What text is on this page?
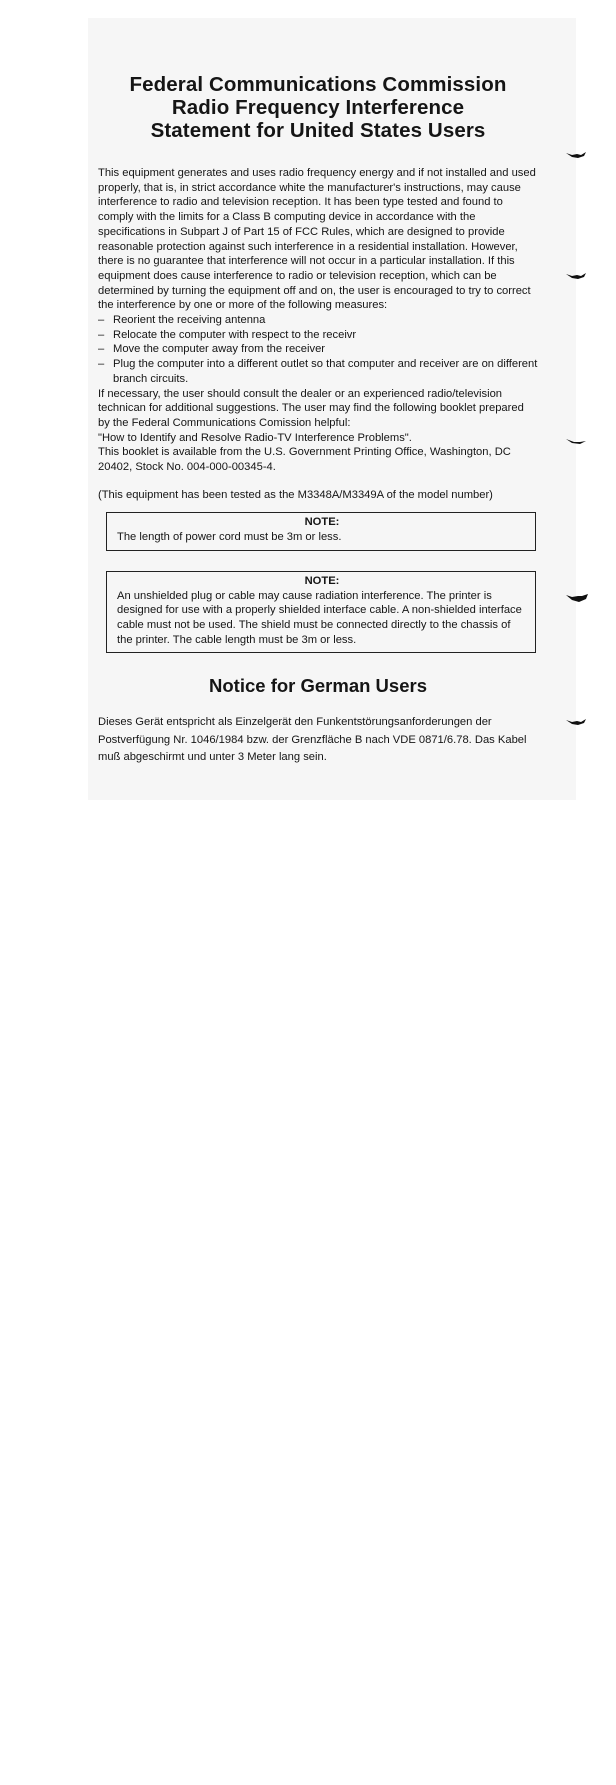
Federal Communications Commission
Radio Frequency Interference
Statement for United States Users

This equipment generates and uses radio frequency energy and if not installed and used properly, that is, in strict accordance white the manufacturer's instructions, may cause interference to radio and television reception. It has been type tested and found to comply with the limits for a Class B computing device in accordance with the specifications in Subpart J of Part 15 of FCC Rules, which are designed to provide reasonable protection against such interference in a residential installation. However, there is no guarantee that interference will not occur in a particular installation. If this equipment does cause interference to radio or television reception, which can be determined by turning the equipment off and on, the user is encouraged to try to correct the interference by one or more of the following measures:

– Reorient the receiving antenna
– Relocate the computer with respect to the receivr
– Move the computer away from the receiver
– Plug the computer into a different outlet so that computer and receiver are on different branch circuits.
If necessary, the user should consult the dealer or an experienced radio/television technican for additional suggestions. The user may find the following booklet prepared by the Federal Communications Comission helpful:
"How to Identify and Resolve Radio-TV Interference Problems".
This booklet is available from the U.S. Government Printing Office, Washington, DC 20402, Stock No. 004-000-00345-4.
(This equipment has been tested as the M3348A/M3349A of the model number)
NOTE:
The length of power cord must be 3m or less.
NOTE:
An unshielded plug or cable may cause radiation interference. The printer is designed for use with a properly shielded interface cable. A non-shielded interface cable must not be used. The shield must be connected directly to the chassis of the printer. The cable length must be 3m or less.
Notice for German Users

Dieses Gerät entspricht als Einzelgerät den Funkentstörungsanforderungen der Postverfügung Nr. 1046/1984 bzw. der Grenzfläche B nach VDE 0871/6.78. Das Kabel muß abgeschirmt und unter 3 Meter lang sein.
